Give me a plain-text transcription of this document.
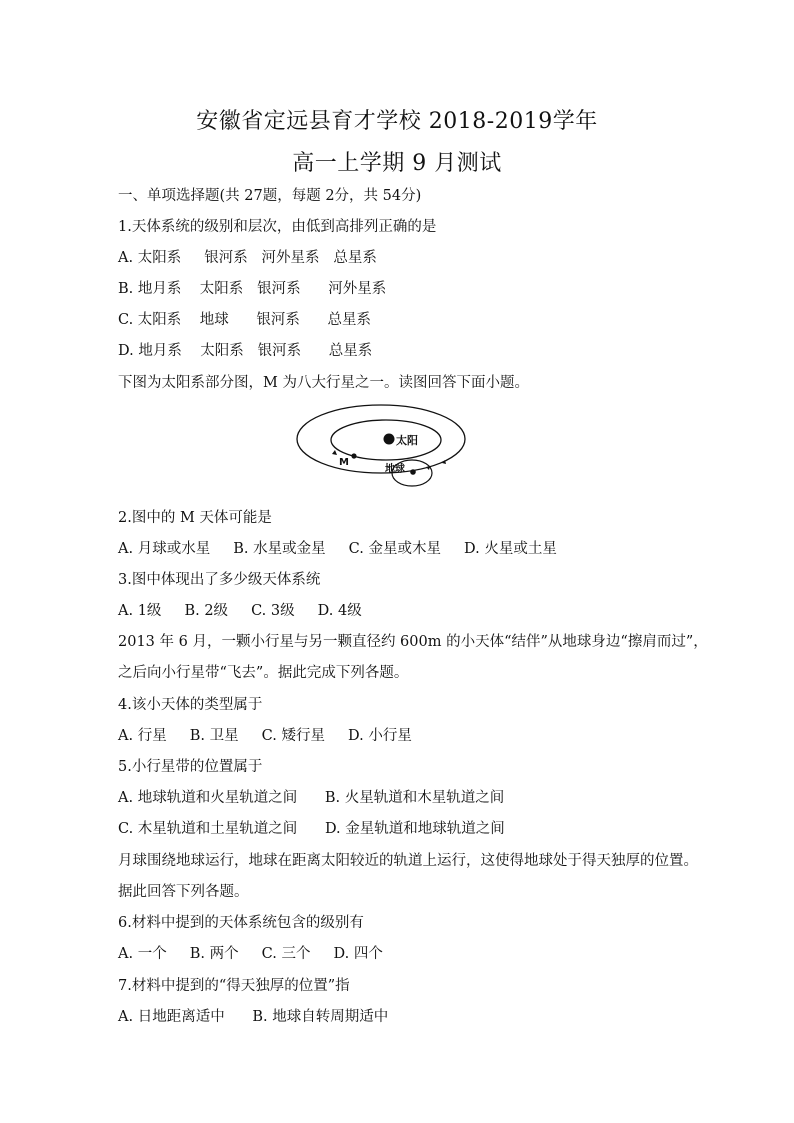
安徽省定远县育才学校 2018-2019学年
高一上学期 9 月测试
一、单项选择题(共 27题，每题 2分，共 54分)
1.天体系统的级别和层次，由低到高排列正确的是
A. 太阳系     银河系   河外星系   总星系
B. 地月系    太阳系   银河系      河外星系
C. 太阳系    地球      银河系      总星系
D. 地月系    太阳系   银河系      总星系
下图为太阳系部分图，M 为八大行星之一。读图回答下面小题。
太阳
M
地球
2.图中的 M 天体可能是
A. 月球或水星     B. 水星或金星     C. 金星或木星     D. 火星或土星
3.图中体现出了多少级天体系统
A. 1级     B. 2级     C. 3级     D. 4级
2013 年 6 月，一颗小行星与另一颗直径约 600m 的小天体“结伴”从地球身边“擦肩而过”，
之后向小行星带“飞去”。据此完成下列各题。
4.该小天体的类型属于
A. 行星     B. 卫星     C. 矮行星     D. 小行星
5.小行星带的位置属于
A. 地球轨道和火星轨道之间      B. 火星轨道和木星轨道之间
C. 木星轨道和土星轨道之间      D. 金星轨道和地球轨道之间
月球围绕地球运行，地球在距离太阳较近的轨道上运行，这使得地球处于得天独厚的位置。
据此回答下列各题。
6.材料中提到的天体系统包含的级别有
A. 一个     B. 两个     C. 三个     D. 四个
7.材料中提到的“得天独厚的位置”指
A. 日地距离适中      B. 地球自转周期适中
